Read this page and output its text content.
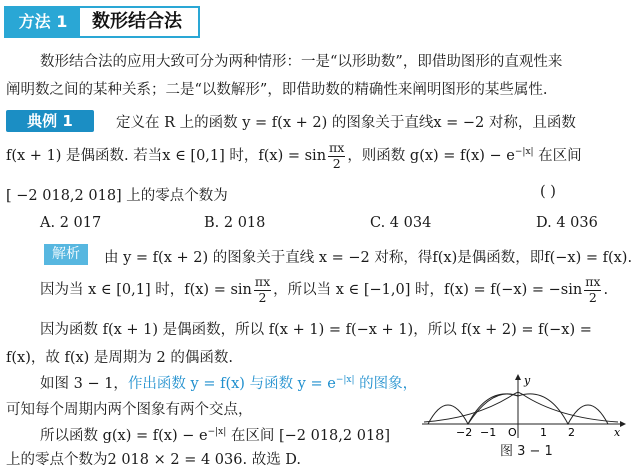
方法 1	数形结合法
数形结合法的应用大致可分为两种情形：一是“以形助数”，即借助图形的直观性来
阐明数之间的某种关系；二是“以数解形”，即借助数的精确性来阐明图形的某些属性.
典例 1	定义在 R 上的函数 y = f(x + 2) 的图象关于直线x = −2 对称，且函数
f(x + 1) 是偶函数. 若当x ∈ [0,1] 时，$f(x) = \sin \frac{\pi x}{2}$ ，则函数 $g(x) = f(x) - e^{-|x|}$ 在区间
[ −2 018,2 018] 上的零点个数为	( )
A. 2 017	B. 2 018	C. 4 034	D. 4 036
解析	由 y = f(x + 2) 的图象关于直线 x = −2 对称，得f(x)是偶函数，即f(−x) = f(x).
因为当 x ∈ [0,1] 时，$f(x) = \sin \frac{\pi x}{2}$ ，所以当 x ∈ [−1,0] 时，$f(x) = f(-x) = -\sin \frac{\pi x}{2}$ .
因为函数 f(x + 1) 是偶函数，所以 f(x + 1) = f(−x + 1)，所以 f(x + 2) = f(−x) =
f(x)，故 f(x) 是周期为 2 的偶函数.
如图 3 − 1，作出函数 y = f(x) 与函数 $y = e^{-|x|}$ 的图象，
可知每个周期内两个图象有两个交点，
所以函数 $g(x) = f(x) - e^{-|x|}$ 在区间 [−2 018,2 018]
上的零点个数为2 018 × 2 = 4 036. 故选 D.
y
x
O
−2 −1	1 2
图 3 − 1
